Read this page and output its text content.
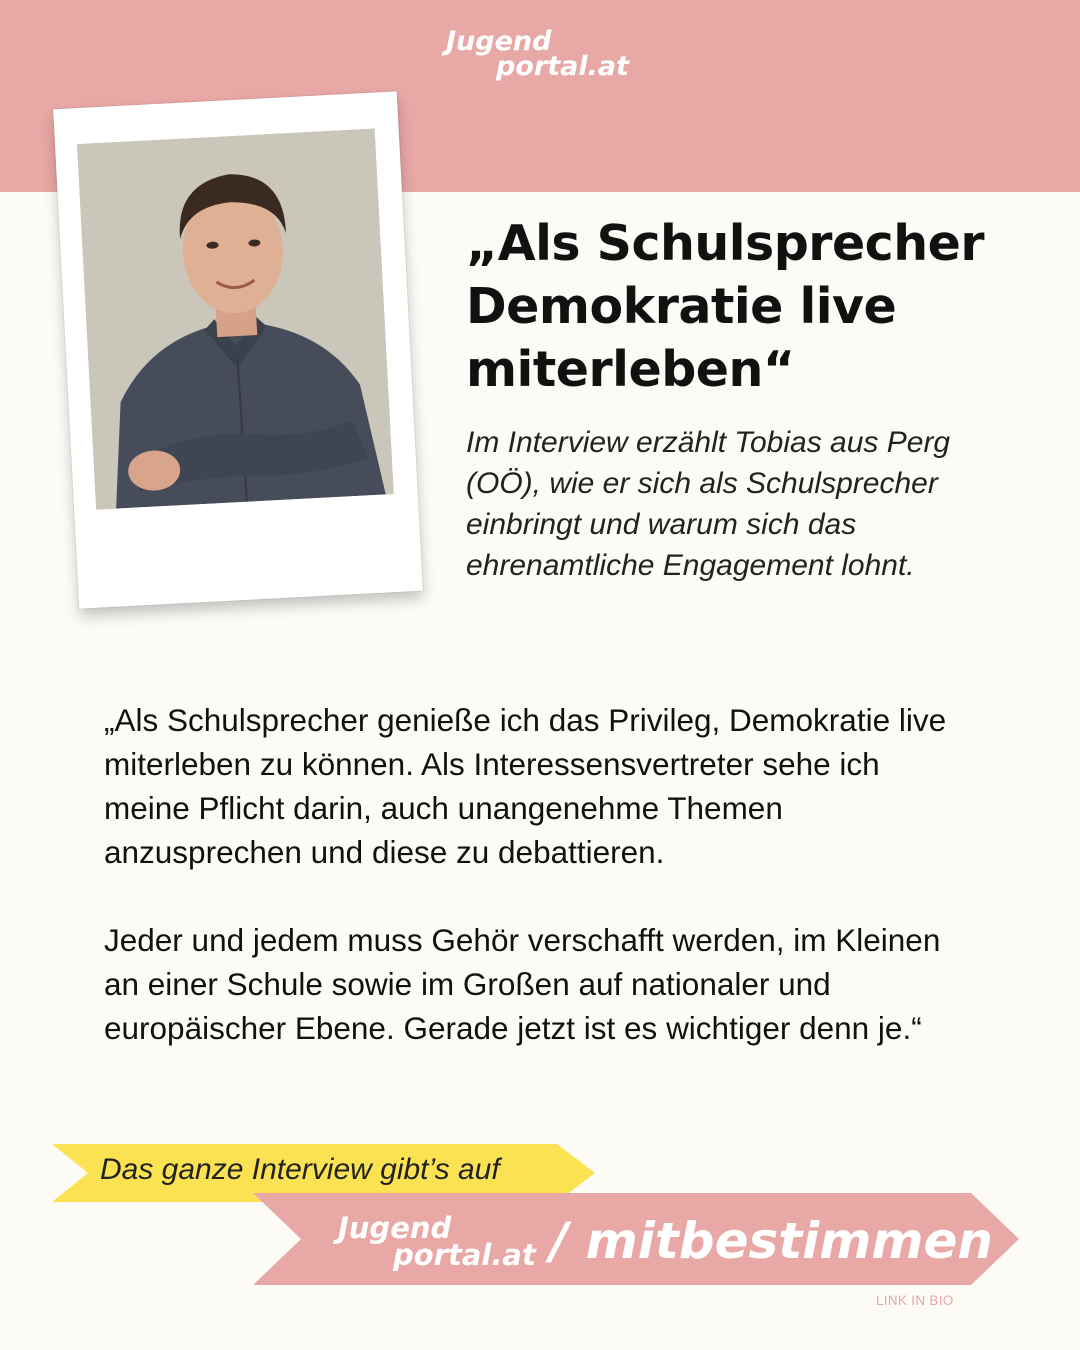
Jugend
portal.at
„Als Schulsprecher Demokratie live miterleben“

Im Interview erzählt Tobias aus Perg (OÖ), wie er sich als Schulsprecher einbringt und warum sich das ehrenamtliche Engagement lohnt.

„Als Schulsprecher genieße ich das Privileg, Demokratie live miterleben zu können. Als Interessensvertreter sehe ich meine Pflicht darin, auch unangenehme Themen anzusprechen und diese zu debattieren.

Jeder und jedem muss Gehör verschafft werden, im Kleinen an einer Schule sowie im Großen auf nationaler und europäischer Ebene. Gerade jetzt ist es wichtiger denn je.“

Das ganze Interview gibt’s auf
Jugend
portal.at / mitbestimmen
LINK IN BIO
